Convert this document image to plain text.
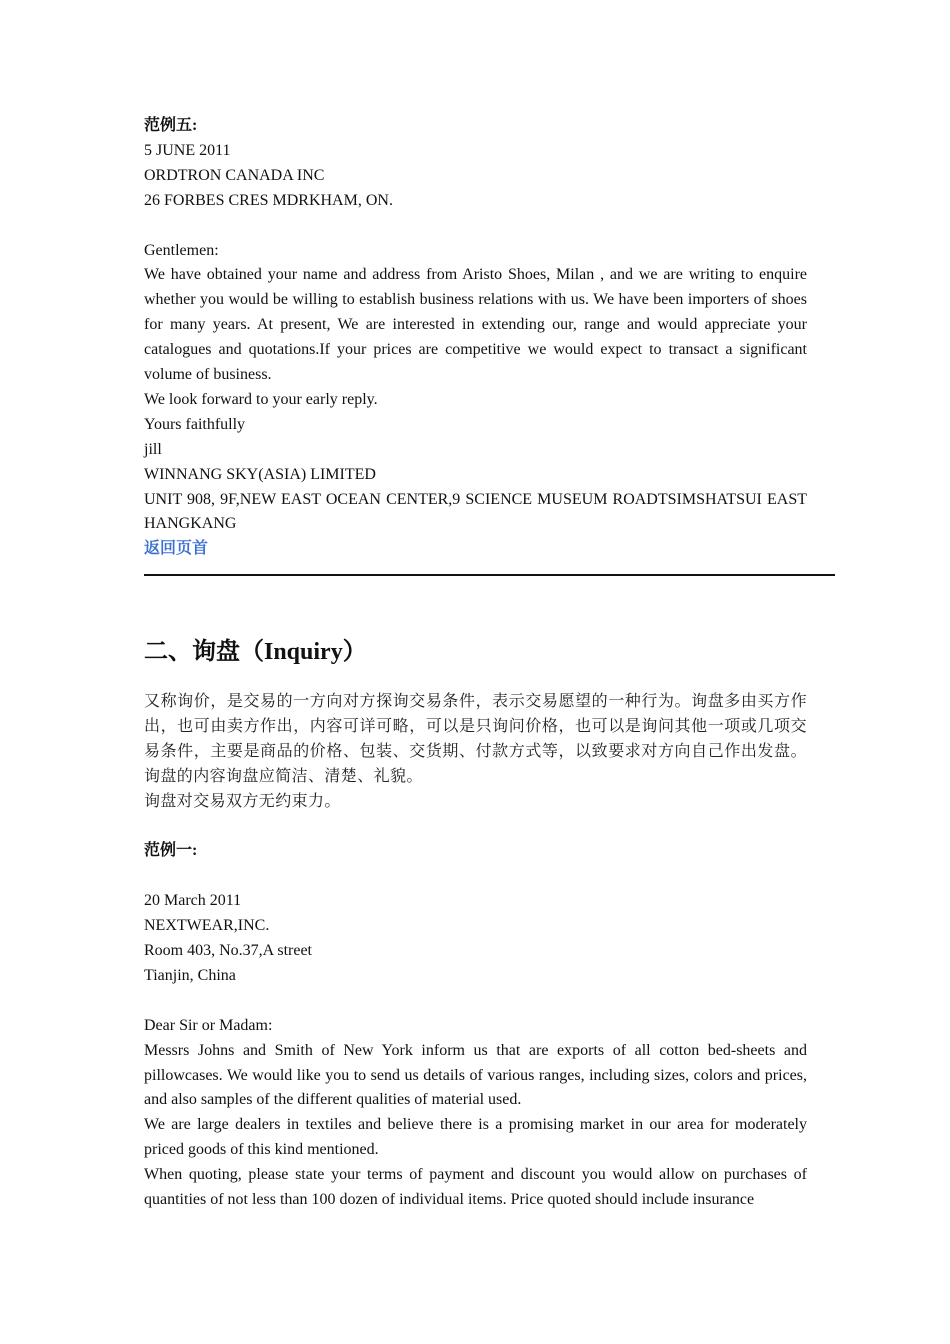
范例五:
5 JUNE 2011
ORDTRON CANADA INC
26 FORBES CRES MDRKHAM, ON.
Gentlemen:
We have obtained your name and address from Aristo Shoes, Milan , and we are writing to enquire whether you would be willing to establish business relations with us. We have been importers of shoes for many years. At present, We are interested in extending our, range and would appreciate your catalogues and quotations.If your prices are competitive we would expect to transact a significant volume of business.
We look forward to your early reply.
Yours faithfully
jill
WINNANG SKY(ASIA) LIMITED
UNIT 908, 9F,NEW EAST OCEAN CENTER,9 SCIENCE MUSEUM ROADTSIMSHATSUI EAST HANGKANG
返回页首
二、询盘（Inquiry）
又称询价，是交易的一方向对方探询交易条件，表示交易愿望的一种行为。询盘多由买方作出，也可由卖方作出，内容可详可略，可以是只询问价格，也可以是询问其他一项或几项交易条件，主要是商品的价格、包装、交货期、付款方式等，以致要求对方向自己作出发盘。询盘的内容询盘应简洁、清楚、礼貌。
询盘对交易双方无约束力。
范例一:
20 March 2011
NEXTWEAR,INC.
Room 403, No.37,A street
Tianjin, China
Dear Sir or Madam:
Messrs Johns and Smith of New York inform us that are exports of all cotton bed-sheets and pillowcases. We would like you to send us details of various ranges, including sizes, colors and prices, and also samples of the different qualities of material used.
We are large dealers in textiles and believe there is a promising market in our area for moderately priced goods of this kind mentioned.
When quoting, please state your terms of payment and discount you would allow on purchases of quantities of not less than 100 dozen of individual items. Price quoted should include insurance
